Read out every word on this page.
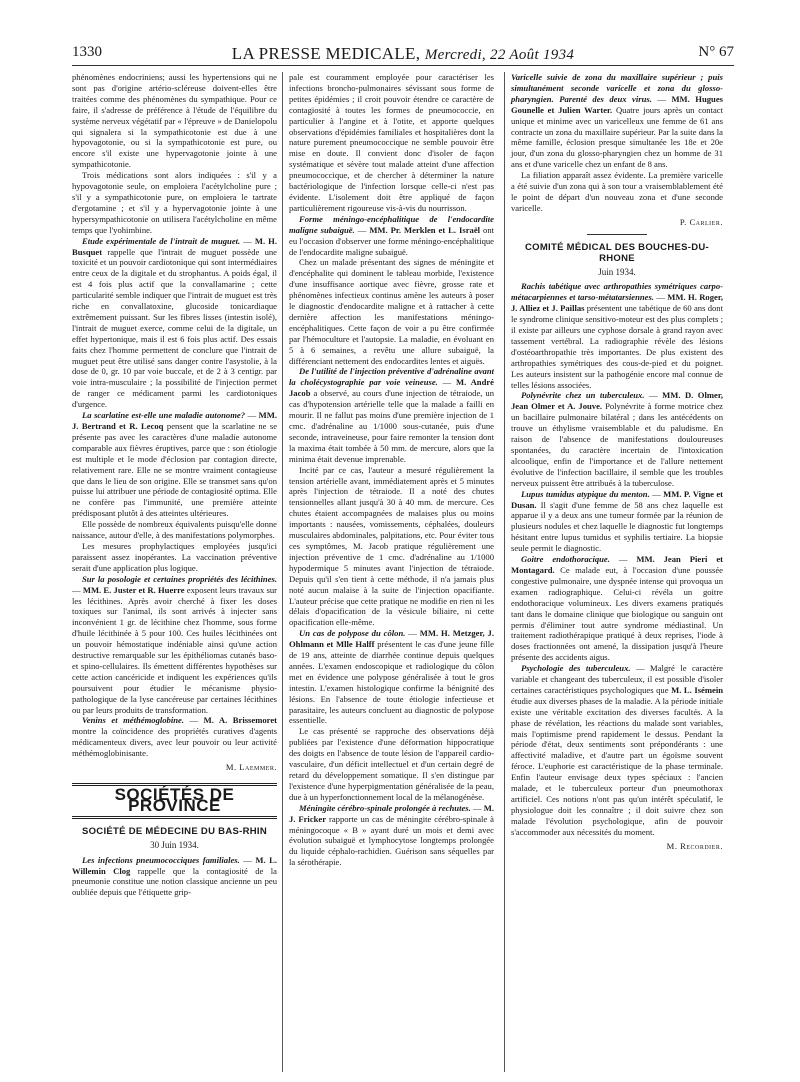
1330	LA PRESSE MEDICALE, Mercredi, 22 Août 1934	N° 67

phénomènes endocriniens; aussi les hypertensions qui ne sont pas d'origine artério-scléreuse doivent-elles être traitées comme des phénomènes du sympathique. Pour ce faire, il s'adresse de préférence à l'étude de l'équilibre du système nerveux végétatif par « l'épreuve » de Danielopolu qui signalera si la sympathicotonie est due à une hypovagotonie, ou si la sympathicotonie est pure, ou encore s'il existe une hypervagotonie jointe à une sympathicotonie.

Trois médications sont alors indiquées : s'il y a hypovagotonie seule, on emploiera l'acétylcholine pure ; s'il y a sympathicotonie pure, on emploiera le tartrate d'ergotamine ; et s'il y a hypervagotonie jointe à une hypersympathicotonie on utilisera l'acétylcholine en même temps que l'yohimbine.

Etude expérimentale de l'intrait de muguet. — M. H. Busquet rappelle que l'intrait de muguet possède une toxicité et un pouvoir cardiotonique qui sont intermédiaires entre ceux de la digitale et du strophantus. A poids égal, il est 4 fois plus actif que la convallamarine ; cette particularité semble indiquer que l'intrait de muguet est très riche en convallatoxine, glucoside tonicardiaque extrêmement puissant. Sur les fibres lisses (intestin isolé), l'intrait de muguet exerce, comme celui de la digitale, un effet hypertonique, mais il est 6 fois plus actif. Des essais faits chez l'homme permettent de conclure que l'intrait de muguet peut être utilisé sans danger contre l'asystolie, à la dose de 0, gr. 10 par voie buccale, et de 2 à 3 centigr. par voie intra-musculaire ; la possibilité de l'injection permet de ranger ce médicament parmi les cardiotoniques d'urgence.

La scarlatine est-elle une maladie autonome? — MM. J. Bertrand et R. Lecoq pensent que la scarlatine ne se présente pas avec les caractères d'une maladie autonome comparable aux fièvres éruptives, parce que : son étiologie est multiple et le mode d'éclosion par contagion directe, relativement rare. Elle ne se montre vraiment contagieuse que dans le lieu de son origine. Elle se transmet sans qu'on puisse lui attribuer une période de contagiosité optima. Elle ne confère pas l'immunité, une première atteinte prédisposant plutôt à des atteintes ultérieures.

Elle possède de nombreux équivalents puisqu'elle donne naissance, autour d'elle, à des manifestations polymorphes.

Les mesures prophylactiques employées jusqu'ici paraissent assez inopérantes. La vaccination préventive serait d'une application plus logique.

Sur la posologie et certaines propriétés des lécithines. — MM. E. Juster et R. Huerre exposent leurs travaux sur les lécithines. Après avoir cherché à fixer les doses toxiques sur l'animal, ils sont arrivés à injecter sans inconvénient 1 gr. de lécithine chez l'homme, sous forme d'huile lécithinée à 5 pour 100. Ces huiles lécithinées ont un pouvoir hémostatique indéniable ainsi qu'une action destructive remarquable sur les épithéliomas cutanés baso- et spino-cellulaires. Ils émettent différentes hypothèses sur cette action cancéricide et indiquent les expériences qu'ils poursuivent pour étudier le mécanisme physio-pathologique de la lyse cancéreuse par certaines lécithines ou par leurs produits de transformation.

Venins et méthémoglobine. — M. A. Brissemoret montre la coïncidence des propriétés curatives d'agents médicamenteux divers, avec leur pouvoir ou leur activité méthémoglobinisante.

M. Laemmer.
SOCIÉTÉS DE PROVINCE
SOCIÉTÉ DE MÉDECINE DU BAS-RHIN
30 Juin 1934.

Les infections pneumococciques familiales. — M. L. Willemin Clog rappelle que la contagiosité de la pneumonie constitue une notion classique ancienne un peu oubliée depuis que l'étiquette grip-

pale est couramment employée pour caractériser les infections broncho-pulmonaires sévissant sous forme de petites épidémies ; il croit pouvoir étendre ce caractère de contagiosité à toutes les formes de pneumococcie, en particulier à l'angine et à l'otite, et apporte quelques observations d'épidémies familiales et hospitalières dont la nature purement pneumococcique ne semble pouvoir être mise en doute. Il convient donc d'isoler de façon systématique et sévère tout malade atteint d'une affection pneumococcique, et de chercher à déterminer la nature bactériologique de l'infection lorsque celle-ci n'est pas évidente. L'isolement doit être appliqué de façon particulièrement rigoureuse vis-à-vis du nourrisson.

Forme méningo-encéphalitique de l'endocardite maligne subaiguë. — MM. Pr. Merklen et L. Israël ont eu l'occasion d'observer une forme méningo-encéphalitique de l'endocardite maligne subaiguë.

Chez un malade présentant des signes de méningite et d'encéphalite qui dominent le tableau morbide, l'existence d'une insuffisance aortique avec fièvre, grosse rate et phénomènes infectieux continus amène les auteurs à poser le diagnostic d'endocardite maligne et à rattacher à cette dernière affection les manifestations méningo-encéphalitiques. Cette façon de voir a pu être confirmée par l'hémoculture et l'autopsie. La maladie, en évoluant en 5 à 6 semaines, a revêtu une allure subaiguë, la différenciant nettement des endocardites lentes et aiguës.

De l'utilité de l'injection préventive d'adrénaline avant la cholécystographie par voie veineuse. — M. André Jacob a observé, au cours d'une injection de tétraiode, un cas d'hypotension artérielle telle que la malade a failli en mourir. Il ne fallut pas moins d'une première injection de 1 cmc. d'adrénaline au 1/1000 sous-cutanée, puis d'une seconde, intraveineuse, pour faire remonter la tension dont la maxima était tombée à 50 mm. de mercure, alors que la minima était devenue imprenable.

Incité par ce cas, l'auteur a mesuré régulièrement la tension artérielle avant, immédiatement après et 5 minutes après l'injection de tétraiode. Il a noté des chutes tensionnelles allant jusqu'à 30 à 40 mm. de mercure. Ces chutes étaient accompagnées de malaises plus ou moins importants : nausées, vomissements, céphalées, douleurs musculaires abdominales, palpitations, etc. Pour éviter tous ces symptômes, M. Jacob pratique régulièrement une injection préventive de 1 cmc. d'adrénaline au 1/1000 hypodermique 5 minutes avant l'injection de tétraiode. Depuis qu'il s'en tient à cette méthode, il n'a jamais plus noté aucun malaise à la suite de l'injection opacifiante. L'auteur précise que cette pratique ne modifie en rien ni les délais d'opacification de la vésicule biliaire, ni cette opacification elle-même.

Un cas de polypose du côlon. — MM. H. Metzger, J. Ohlmann et Mlle Halff présentent le cas d'une jeune fille de 19 ans, atteinte de diarrhée continue depuis quelques années. L'examen endoscopique et radiologique du côlon met en évidence une polypose généralisée à tout le gros intestin. L'examen histologique confirme la bénignité des lésions. En l'absence de toute étiologie infectieuse et parasitaire, les auteurs concluent au diagnostic de polypose essentielle.

Le cas présenté se rapproche des observations déjà publiées par l'existence d'une déformation hippocratique des doigts en l'absence de toute lésion de l'appareil cardio-vasculaire, d'un déficit intellectuel et d'un certain degré de retard du développement somatique. Il s'en distingue par l'existence d'une hyperpigmentation généralisée de la peau, due à un hyperfonctionnement local de la mélanogénèse.

Méningite cérébro-spinale prolongée à rechutes. — M. J. Fricker rapporte un cas de méningite cérébro-spinale à méningocoque « B » ayant duré un mois et demi avec évolution subaiguë et lymphocytose longtemps prolongée du liquide céphalo-rachidien. Guérison sans séquelles par la sérothérapie.

Varicelle suivie de zona du maxillaire supérieur ; puis simultanément seconde varicelle et zona du glosso-pharyngien. Parenté des deux virus. — MM. Hugues Gounelle et Julien Warter. Quatre jours après un contact unique et minime avec un varicelleux une femme de 61 ans contracte un zona du maxillaire supérieur. Par la suite dans la même famille, éclosion presque simultanée les 18e et 20e jour, d'un zona du glosso-pharyngien chez un homme de 31 ans et d'une varicelle chez un enfant de 8 ans.

La filiation apparaît assez évidente. La première varicelle a été suivie d'un zona qui à son tour a vraisemblablement été le point de départ d'un nouveau zona et d'une seconde varicelle.

P. Carlier.
COMITÉ MÉDICAL DES BOUCHES-DU-RHONE
Juin 1934.

Rachis tabétique avec arthropathies symétriques carpo-métacarpiennes et tarso-métatarsiennes. — MM. H. Roger, J. Alliez et J. Paillas présentent une tabétique de 60 ans dont le syndrome clinique sensitivo-moteur est des plus complets ; il existe par ailleurs une cyphose dorsale à grand rayon avec tassement vertébral. La radiographie révèle des lésions d'ostéoarthropathie très importantes. De plus existent des arthropathies symétriques des cous-de-pied et du poignet. Les auteurs insistent sur la pathogénie encore mal connue de telles lésions associées.

Polynévrite chez un tuberculeux. — MM. D. Olmer, Jean Olmer et A. Jouve. Polynévrite à forme motrice chez un bacillaire pulmonaire bilatéral ; dans les antécédents on trouve un éthylisme vraisemblable et du paludisme. En raison de l'absence de manifestations douloureuses spontanées, du caractère incertain de l'intoxication alcoolique, enfin de l'importance et de l'allure nettement évolutive de l'infection bacillaire, il semble que les troubles nerveux puissent être attribués à la tuberculose.

Lupus tumidus atypique du menton. — MM. P. Vigne et Dusan. Il s'agit d'une femme de 58 ans chez laquelle est apparue il y a deux ans une tumeur formée par la réunion de plusieurs nodules et chez laquelle le diagnostic fut longtemps hésitant entre lupus tumidus et syphilis tertiaire. La biopsie seule permit le diagnostic.

Goitre endothoracique. — MM. Jean Pieri et Montagard. Ce malade eut, à l'occasion d'une poussée congestive pulmonaire, une dyspnée intense qui provoqua un examen radiographique. Celui-ci révéla un goitre endothoracique volumineux. Les divers examens pratiqués tant dans le domaine clinique que biologique ou sanguin ont permis d'éliminer tout autre syndrome médiastinal. Un traitement radiothérapique pratiqué à deux reprises, l'iode à doses fractionnées ont amené, la dissipation jusqu'à l'heure présente des accidents aigus.

Psychologie des tuberculeux. — Malgré le caractère variable et changeant des tuberculeux, il est possible d'isoler certaines caractéristiques psychologiques que M. L. Isémein étudie aux diverses phases de la maladie. A la période initiale existe une véritable excitation des diverses facultés. A la phase de révélation, les réactions du malade sont variables, mais l'optimisme prend rapidement le dessus. Pendant la période d'état, deux sentiments sont prépondérants : une affectivité maladive, et d'autre part un égoïsme souvent féroce. L'euphorie est caractéristique de la phase terminale. Enfin l'auteur envisage deux types spéciaux : l'ancien malade, et le tuberculeux porteur d'un pneumothorax artificiel. Ces notions n'ont pas qu'un intérêt spéculatif, le physiologue doit les connaître ; il doit suivre chez son malade l'évolution psychologique, afin de pouvoir s'accommoder aux nécessités du moment.

M. Recordier.
